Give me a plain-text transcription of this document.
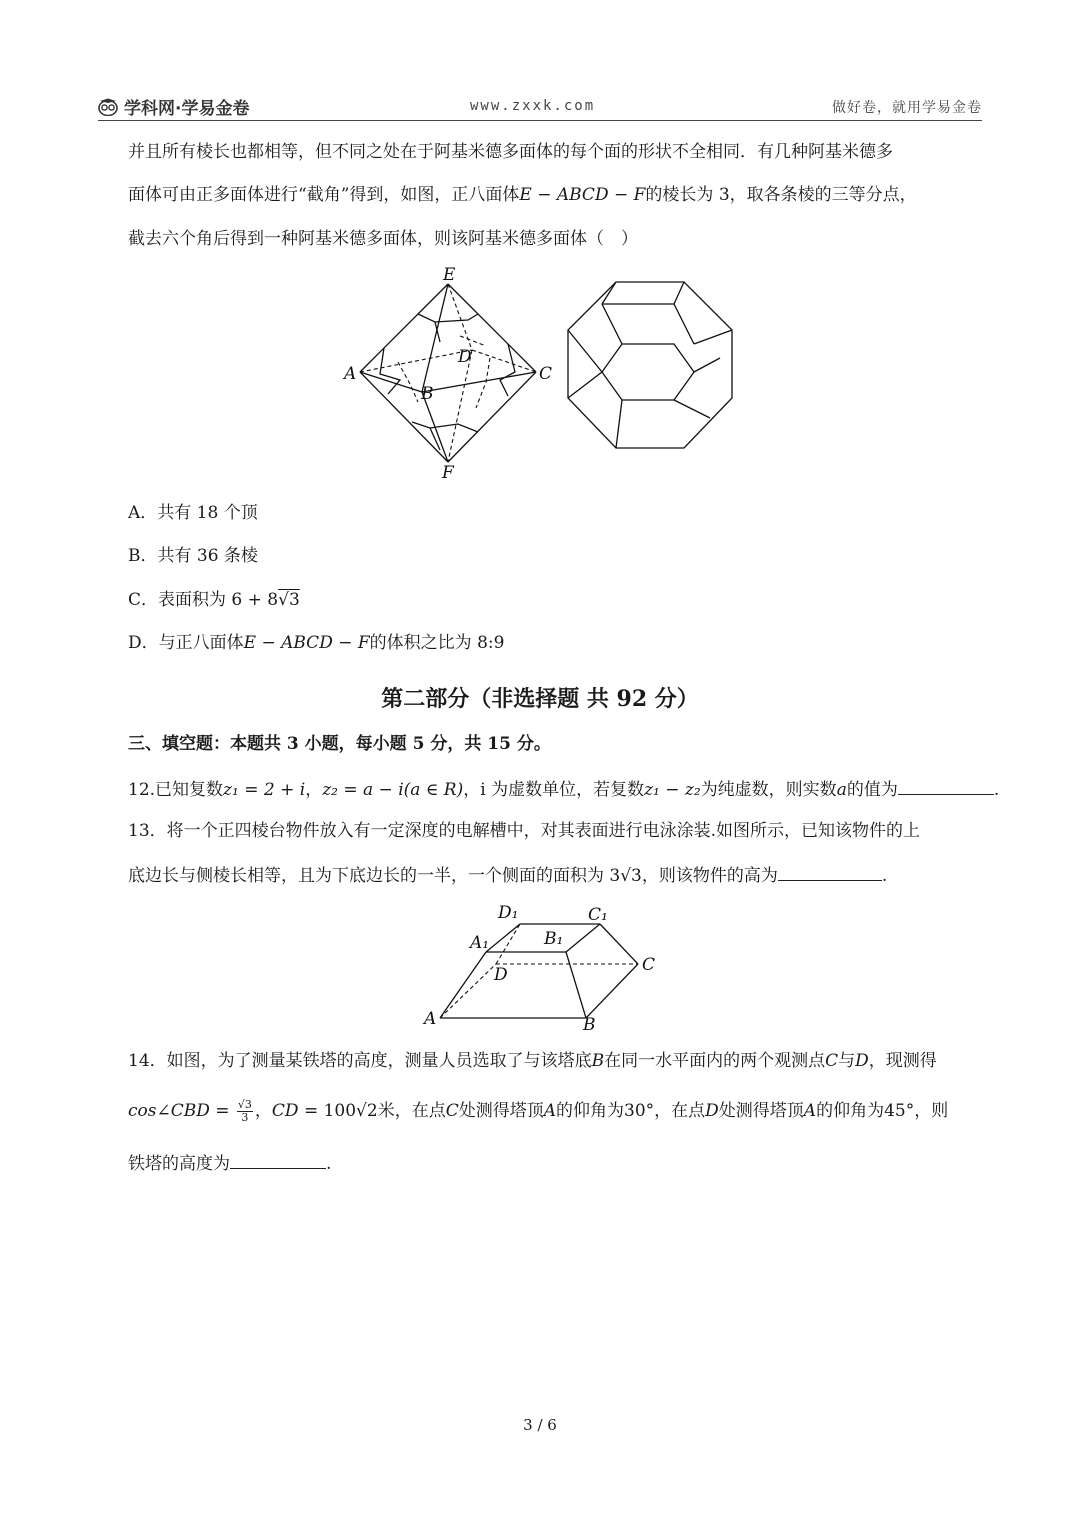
学科网·学易金卷	www.zxxk.com	做好卷，就用学易金卷
并且所有棱长也都相等，但不同之处在于阿基米德多面体的每个面的形状不全相同．有几种阿基米德多
面体可由正多面体进行“截角”得到，如图，正八面体E − ABCD − F的棱长为 3，取各条棱的三等分点，
截去六个角后得到一种阿基米德多面体，则该阿基米德多面体（　）
E
A
B
C
D
F
A．共有 18 个顶
B．共有 36 条棱
C．表面积为 6 + 8√3
D．与正八面体E − ABCD − F的体积之比为 8:9
第二部分（非选择题 共 92 分）
三、填空题：本题共 3 小题，每小题 5 分，共 15 分。
12.已知复数z₁ = 2 + i，z₂ = a − i(a ∈ R)，i 为虚数单位，若复数z₁ − z₂为纯虚数，则实数a的值为	.
13．将一个正四棱台物件放入有一定深度的电解槽中，对其表面进行电泳涂装.如图所示，已知该物件的上
底边长与侧棱长相等，且为下底边长的一半，一个侧面的面积为 3√3，则该物件的高为	.
D₁	C₁
A₁	B₁
D	C
A	B
14．如图，为了测量某铁塔的高度，测量人员选取了与该塔底B在同一水平面内的两个观测点C与D，现测得
cos∠CBD = $\frac{√3}{3}$ ，CD = 100√2米，在点C处测得塔顶A的仰角为30°，在点D处测得塔顶A的仰角为45°，则
铁塔的高度为	.
3 / 6
